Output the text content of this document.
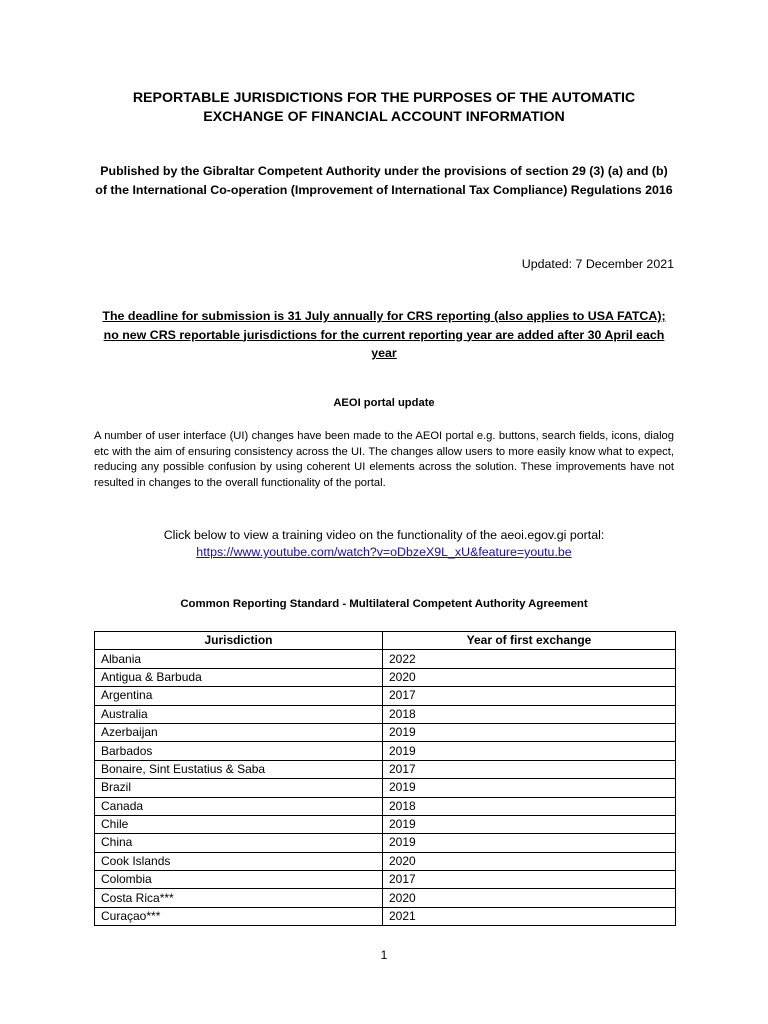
REPORTABLE JURISDICTIONS FOR THE PURPOSES OF THE AUTOMATIC EXCHANGE OF FINANCIAL ACCOUNT INFORMATION
Published by the Gibraltar Competent Authority under the provisions of section 29 (3) (a) and (b) of the International Co-operation (Improvement of International Tax Compliance) Regulations 2016
Updated: 7 December 2021
The deadline for submission is 31 July annually for CRS reporting (also applies to USA FATCA); no new CRS reportable jurisdictions for the current reporting year are added after 30 April each year
AEOI portal update
A number of user interface (UI) changes have been made to the AEOI portal e.g. buttons, search fields, icons, dialog etc with the aim of ensuring consistency across the UI. The changes allow users to more easily know what to expect, reducing any possible confusion by using coherent UI elements across the solution. These improvements have not resulted in changes to the overall functionality of the portal.
Click below to view a training video on the functionality of the aeoi.egov.gi portal:
https://www.youtube.com/watch?v=oDbzeX9L_xU&feature=youtu.be
Common Reporting Standard - Multilateral Competent Authority Agreement
Jurisdiction	Year of first exchange
Albania	2022
Antigua & Barbuda	2020
Argentina	2017
Australia	2018
Azerbaijan	2019
Barbados	2019
Bonaire, Sint Eustatius & Saba	2017
Brazil	2019
Canada	2018
Chile	2019
China	2019
Cook Islands	2020
Colombia	2017
Costa Rica***	2020
Curaçao***	2021
1
